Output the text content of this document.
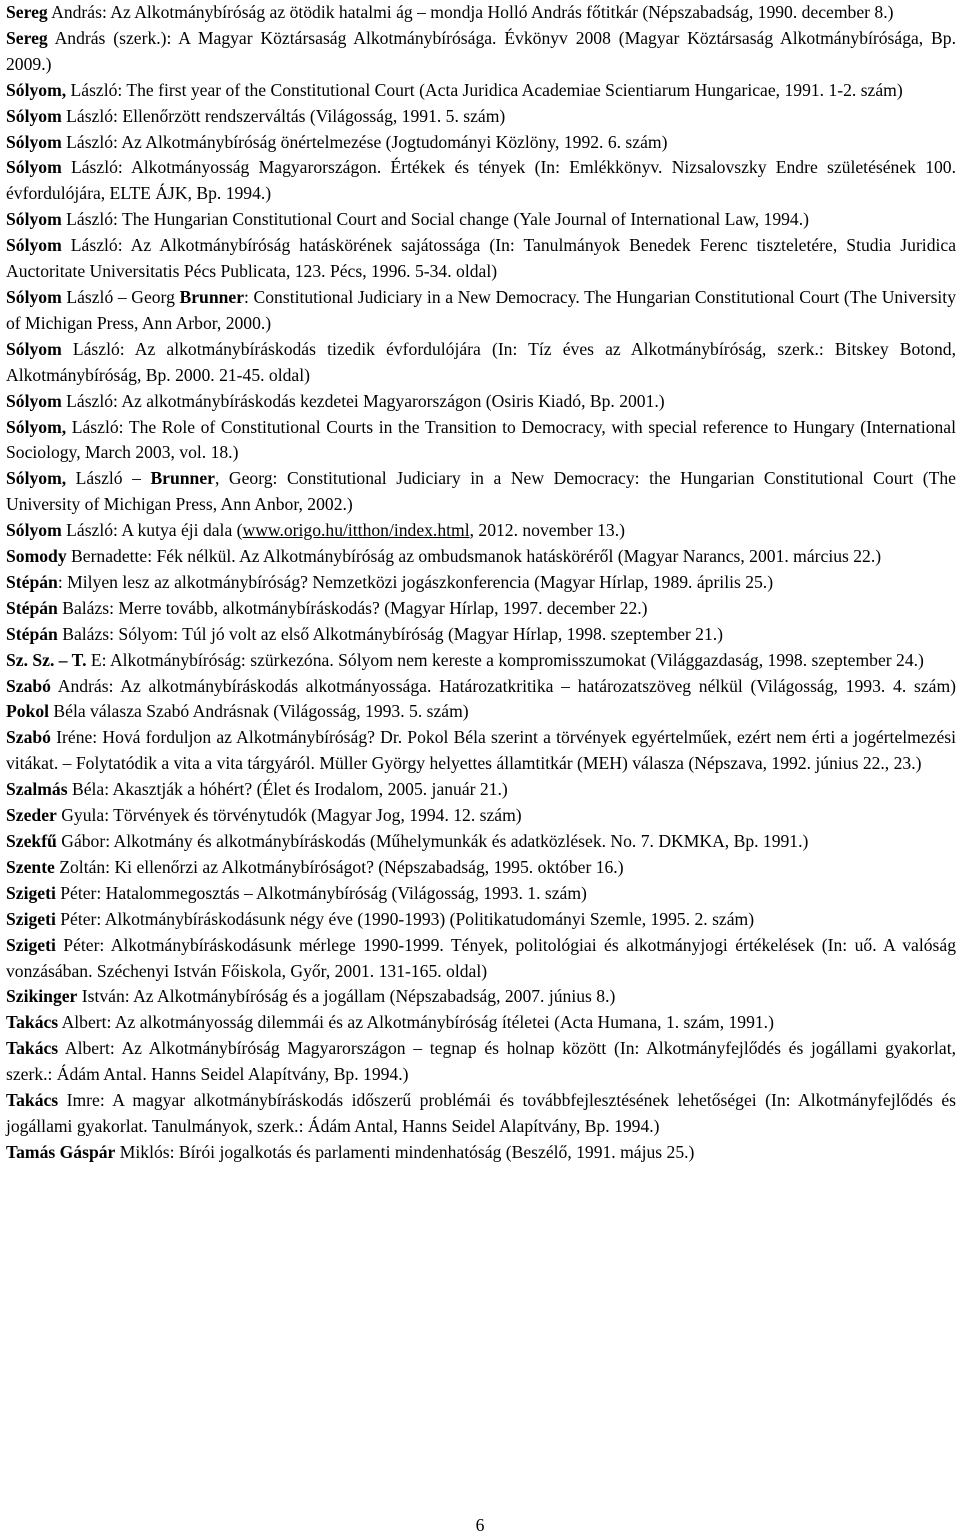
Sereg András: Az Alkotmánybíróság az ötödik hatalmi ág – mondja Holló András főtitkár (Népszabadság, 1990. december 8.)

Sereg András (szerk.): A Magyar Köztársaság Alkotmánybírósága. Évkönyv 2008 (Magyar Köztársaság Alkotmánybírósága, Bp. 2009.)

Sólyom, László: The first year of the Constitutional Court (Acta Juridica Academiae Scientiarum Hungaricae, 1991. 1-2. szám)

Sólyom László: Ellenőrzött rendszerváltás (Világosság, 1991. 5. szám)

Sólyom László: Az Alkotmánybíróság önértelmezése (Jogtudományi Közlöny, 1992. 6. szám)

Sólyom László: Alkotmányosság Magyarországon. Értékek és tények (In: Emlékkönyv. Nizsalovszky Endre születésének 100. évfordulójára, ELTE ÁJK, Bp. 1994.)

Sólyom László: The Hungarian Constitutional Court and Social change (Yale Journal of International Law, 1994.)

Sólyom László: Az Alkotmánybíróság hatáskörének sajátossága (In: Tanulmányok Benedek Ferenc tiszteletére, Studia Juridica Auctoritate Universitatis Pécs Publicata, 123. Pécs, 1996. 5-34. oldal)

Sólyom László – Georg Brunner: Constitutional Judiciary in a New Democracy. The Hungarian Constitutional Court (The University of Michigan Press, Ann Arbor, 2000.)

Sólyom László: Az alkotmánybíráskodás tizedik évfordulójára (In: Tíz éves az Alkotmánybíróság, szerk.: Bitskey Botond, Alkotmánybíróság, Bp. 2000. 21-45. oldal)

Sólyom László: Az alkotmánybíráskodás kezdetei Magyarországon (Osiris Kiadó, Bp. 2001.)

Sólyom, László: The Role of Constitutional Courts in the Transition to Democracy, with special reference to Hungary (International Sociology, March 2003, vol. 18.)

Sólyom, László – Brunner, Georg: Constitutional Judiciary in a New Democracy: the Hungarian Constitutional Court (The University of Michigan Press, Ann Anbor, 2002.)

Sólyom László: A kutya éji dala (www.origo.hu/itthon/index.html, 2012. november 13.)

Somody Bernadette: Fék nélkül. Az Alkotmánybíróság az ombudsmanok hatásköréről (Magyar Narancs, 2001. március 22.)

Stépán: Milyen lesz az alkotmánybíróság? Nemzetközi jogászkonferencia (Magyar Hírlap, 1989. április 25.)

Stépán Balázs: Merre tovább, alkotmánybíráskodás? (Magyar Hírlap, 1997. december 22.)

Stépán Balázs: Sólyom: Túl jó volt az első Alkotmánybíróság (Magyar Hírlap, 1998. szeptember 21.)

Sz. Sz. – T. E: Alkotmánybíróság: szürkezóna. Sólyom nem kereste a kompromisszumokat (Világgazdaság, 1998. szeptember 24.)

Szabó András: Az alkotmánybíráskodás alkotmányossága. Határozatkritika – határozatszöveg nélkül (Világosság, 1993. 4. szám) Pokol Béla válasza Szabó Andrásnak (Világosság, 1993. 5. szám)

Szabó Iréne: Hová forduljon az Alkotmánybíróság? Dr. Pokol Béla szerint a törvények egyértelműek, ezért nem érti a jogértelmezési vitákat. – Folytatódik a vita a vita tárgyáról. Müller György helyettes államtitkár (MEH) válasza (Népszava, 1992. június 22., 23.)

Szalmás Béla: Akasztják a hóhért? (Élet és Irodalom, 2005. január 21.)

Szeder Gyula: Törvények és törvénytudók (Magyar Jog, 1994. 12. szám)

Szekfű Gábor: Alkotmány és alkotmánybíráskodás (Műhelymunkák és adatközlések. No. 7. DKMKA, Bp. 1991.)

Szente Zoltán: Ki ellenőrzi az Alkotmánybíróságot? (Népszabadság, 1995. október 16.)

Szigeti Péter: Hatalommegosztás – Alkotmánybíróság (Világosság, 1993. 1. szám)

Szigeti Péter: Alkotmánybíráskodásunk négy éve (1990-1993) (Politikatudományi Szemle, 1995. 2. szám)

Szigeti Péter: Alkotmánybíráskodásunk mérlege 1990-1999. Tények, politológiai és alkotmányjogi értékelések (In: uő. A valóság vonzásában. Széchenyi István Főiskola, Győr, 2001. 131-165. oldal)

Szikinger István: Az Alkotmánybíróság és a jogállam (Népszabadság, 2007. június 8.)

Takács Albert: Az alkotmányosság dilemmái és az Alkotmánybíróság ítéletei (Acta Humana, 1. szám, 1991.)

Takács Albert: Az Alkotmánybíróság Magyarországon – tegnap és holnap között (In: Alkotmányfejlődés és jogállami gyakorlat, szerk.: Ádám Antal. Hanns Seidel Alapítvány, Bp. 1994.)

Takács Imre: A magyar alkotmánybíráskodás időszerű problémái és továbbfejlesztésének lehetőségei (In: Alkotmányfejlődés és jogállami gyakorlat. Tanulmányok, szerk.: Ádám Antal, Hanns Seidel Alapítvány, Bp. 1994.)

Tamás Gáspár Miklós: Bírói jogalkotás és parlamenti mindenhatóság (Beszélő, 1991. május 25.)

6
